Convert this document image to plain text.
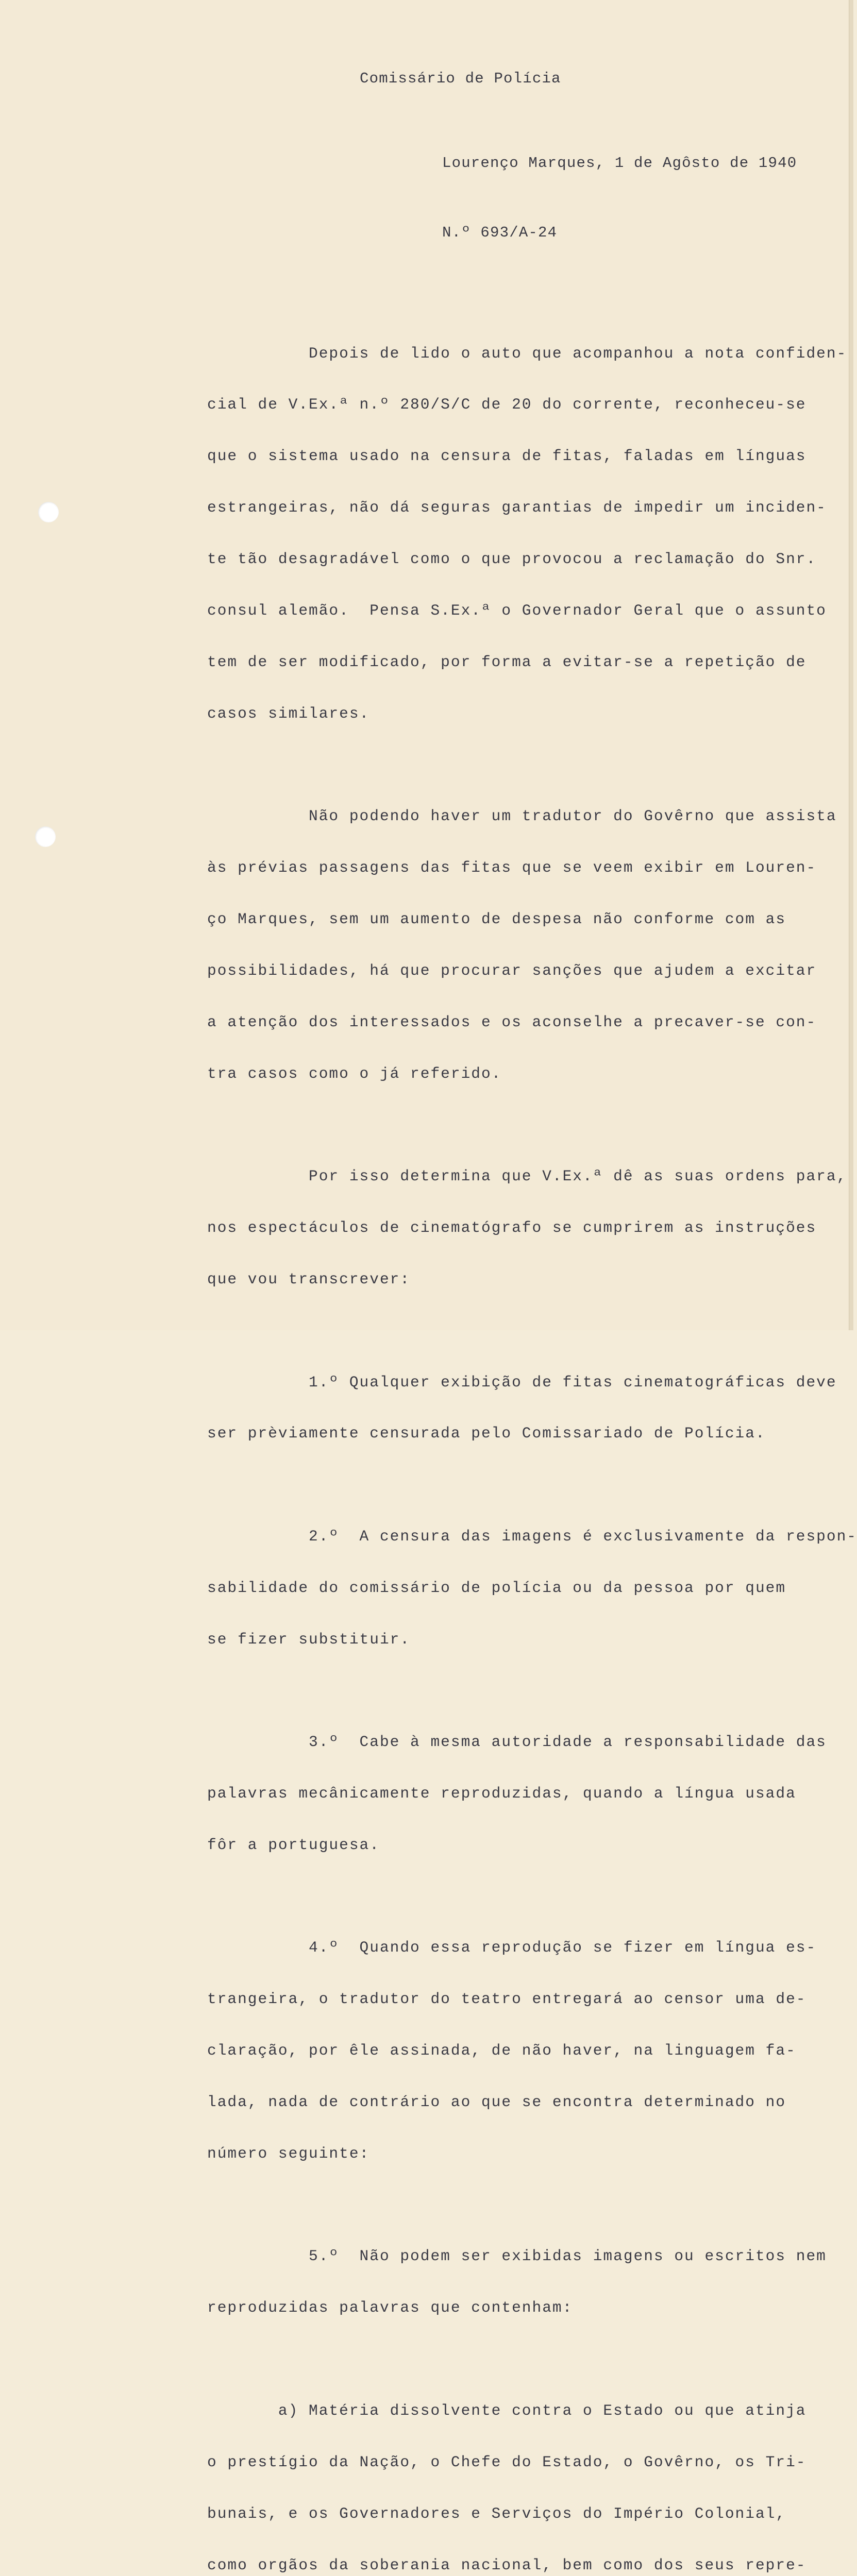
Comissário de Polícia
Lourenço Marques, 1 de Agôsto de 1940
N.º 693/A-24

Depois de lido o auto que acompanhou a nota confiden-

cial de V.Ex.ª n.º 280/S/C de 20 do corrente, reconheceu-se

que o sistema usado na censura de fitas, faladas em línguas

estrangeiras, não dá seguras garantias de impedir um inciden-

te tão desagradável como o que provocou a reclamação do Snr.

consul alemão.  Pensa S.Ex.ª o Governador Geral que o assunto

tem de ser modificado, por forma a evitar-se a repetição de

casos similares.

Não podendo haver um tradutor do Govêrno que assista

às prévias passagens das fitas que se veem exibir em Louren-

ço Marques, sem um aumento de despesa não conforme com as

possibilidades, há que procurar sanções que ajudem a excitar

a atenção dos interessados e os aconselhe a precaver-se con-

tra casos como o já referido.

Por isso determina que V.Ex.ª dê as suas ordens para,

nos espectáculos de cinematógrafo se cumprirem as instruções

que vou transcrever:

1.º Qualquer exibição de fitas cinematográficas deve

ser prèviamente censurada pelo Comissariado de Polícia.

2.º  A censura das imagens é exclusivamente da respon-

sabilidade do comissário de polícia ou da pessoa por quem

se fizer substituir.

3.º  Cabe à mesma autoridade a responsabilidade das

palavras mecânicamente reproduzidas, quando a língua usada

fôr a portuguesa.

4.º  Quando essa reprodução se fizer em língua es-

trangeira, o tradutor do teatro entregará ao censor uma de-

claração, por êle assinada, de não haver, na linguagem fa-

lada, nada de contrário ao que se encontra determinado no

número seguinte:

5.º  Não podem ser exibidas imagens ou escritos nem

reproduzidas palavras que contenham:

a) Matéria dissolvente contra o Estado ou que atinja

o prestígio da Nação, o Chefe do Estado, o Govêrno, os Tri-

bunais, e os Governadores e Serviços do Império Colonial,

como orgãos da soberania nacional, bem como dos seus repre-
